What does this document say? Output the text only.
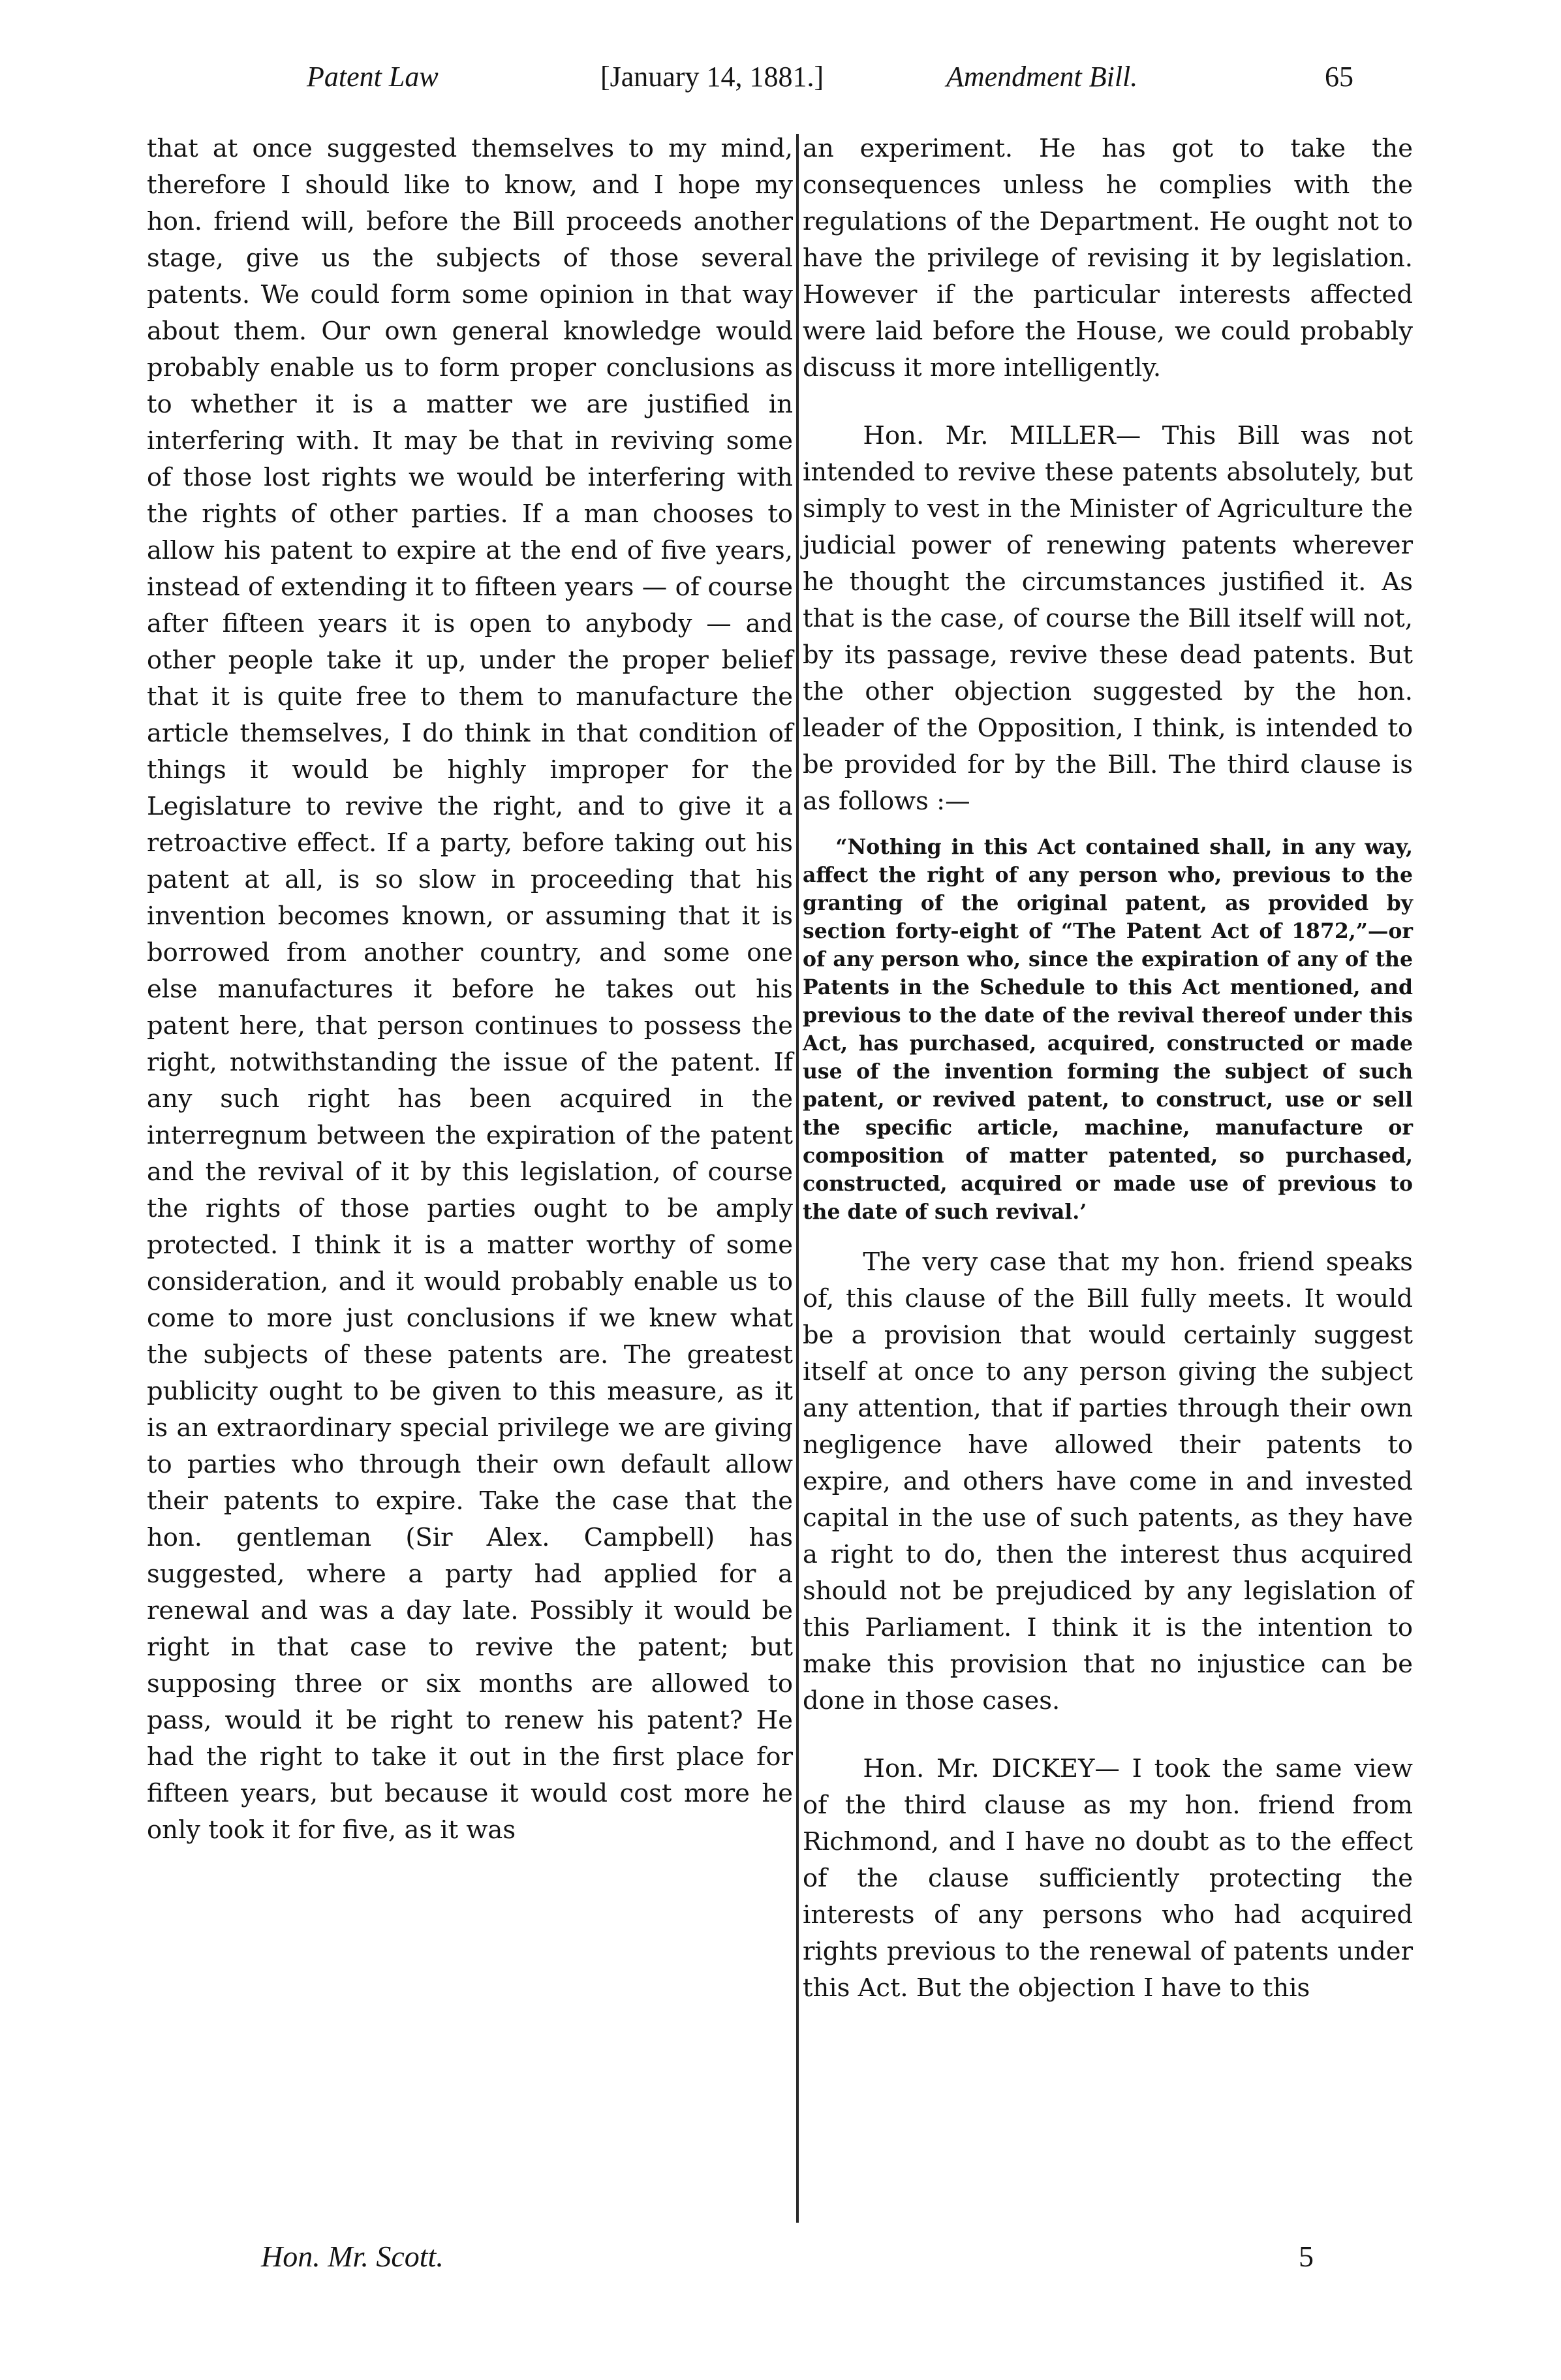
Patent Law	[January 14, 1881.]	Amendment Bill.	65

that at once suggested themselves to my mind, therefore I should like to know, and I hope my hon. friend will, before the Bill proceeds another stage, give us the subjects of those several patents. We could form some opinion in that way about them. Our own general knowledge would probably enable us to form proper conclusions as to whether it is a matter we are justified in interfering with. It may be that in reviving some of those lost rights we would be interfering with the rights of other parties. If a man chooses to allow his patent to expire at the end of five years, instead of extending it to fifteen years — of course after fifteen years it is open to anybody — and other people take it up, under the proper belief that it is quite free to them to manufacture the article themselves, I do think in that condition of things it would be highly improper for the Legislature to revive the right, and to give it a retroactive effect. If a party, before taking out his patent at all, is so slow in proceeding that his invention becomes known, or assuming that it is borrowed from another country, and some one else manufactures it before he takes out his patent here, that person continues to possess the right, notwithstanding the issue of the patent. If any such right has been acquired in the interregnum between the expiration of the patent and the revival of it by this legislation, of course the rights of those parties ought to be amply protected. I think it is a matter worthy of some consideration, and it would probably enable us to come to more just conclusions if we knew what the subjects of these patents are. The greatest publicity ought to be given to this measure, as it is an extraordinary special privilege we are giving to parties who through their own default allow their patents to expire. Take the case that the hon. gentleman (Sir Alex. Campbell) has suggested, where a party had applied for a renewal and was a day late. Possibly it would be right in that case to revive the patent; but supposing three or six months are allowed to pass, would it be right to renew his patent? He had the right to take it out in the first place for fifteen years, but because it would cost more he only took it for five, as it was

an experiment. He has got to take the consequences unless he complies with the regulations of the Department. He ought not to have the privilege of revising it by legislation. However if the particular interests affected were laid before the House, we could probably discuss it more intelligently.

Hon. Mr. MILLER— This Bill was not intended to revive these patents absolutely, but simply to vest in the Minister of Agriculture the judicial power of renewing patents wherever he thought the circumstances justified it. As that is the case, of course the Bill itself will not, by its passage, revive these dead patents. But the other objection suggested by the hon. leader of the Opposition, I think, is intended to be provided for by the Bill. The third clause is as follows :—

“Nothing in this Act contained shall, in any way, affect the right of any person who, previous to the granting of the original patent, as provided by section forty-eight of “The Patent Act of 1872,”—or of any person who, since the expiration of any of the Patents in the Schedule to this Act mentioned, and previous to the date of the revival thereof under this Act, has purchased, acquired, constructed or made use of the invention forming the subject of such patent, or revived patent, to construct, use or sell the specific article, machine, manufacture or composition of matter patented, so purchased, constructed, acquired or made use of previous to the date of such revival.’

The very case that my hon. friend speaks of, this clause of the Bill fully meets. It would be a provision that would certainly suggest itself at once to any person giving the subject any attention, that if parties through their own negligence have allowed their patents to expire, and others have come in and invested capital in the use of such patents, as they have a right to do, then the interest thus acquired should not be prejudiced by any legislation of this Parliament. I think it is the intention to make this provision that no injustice can be done in those cases.

Hon. Mr. DICKEY— I took the same view of the third clause as my hon. friend from Richmond, and I have no doubt as to the effect of the clause sufficiently protecting the interests of any persons who had acquired rights previous to the renewal of patents under this Act. But the objection I have to this

Hon. Mr. Scott.	5
